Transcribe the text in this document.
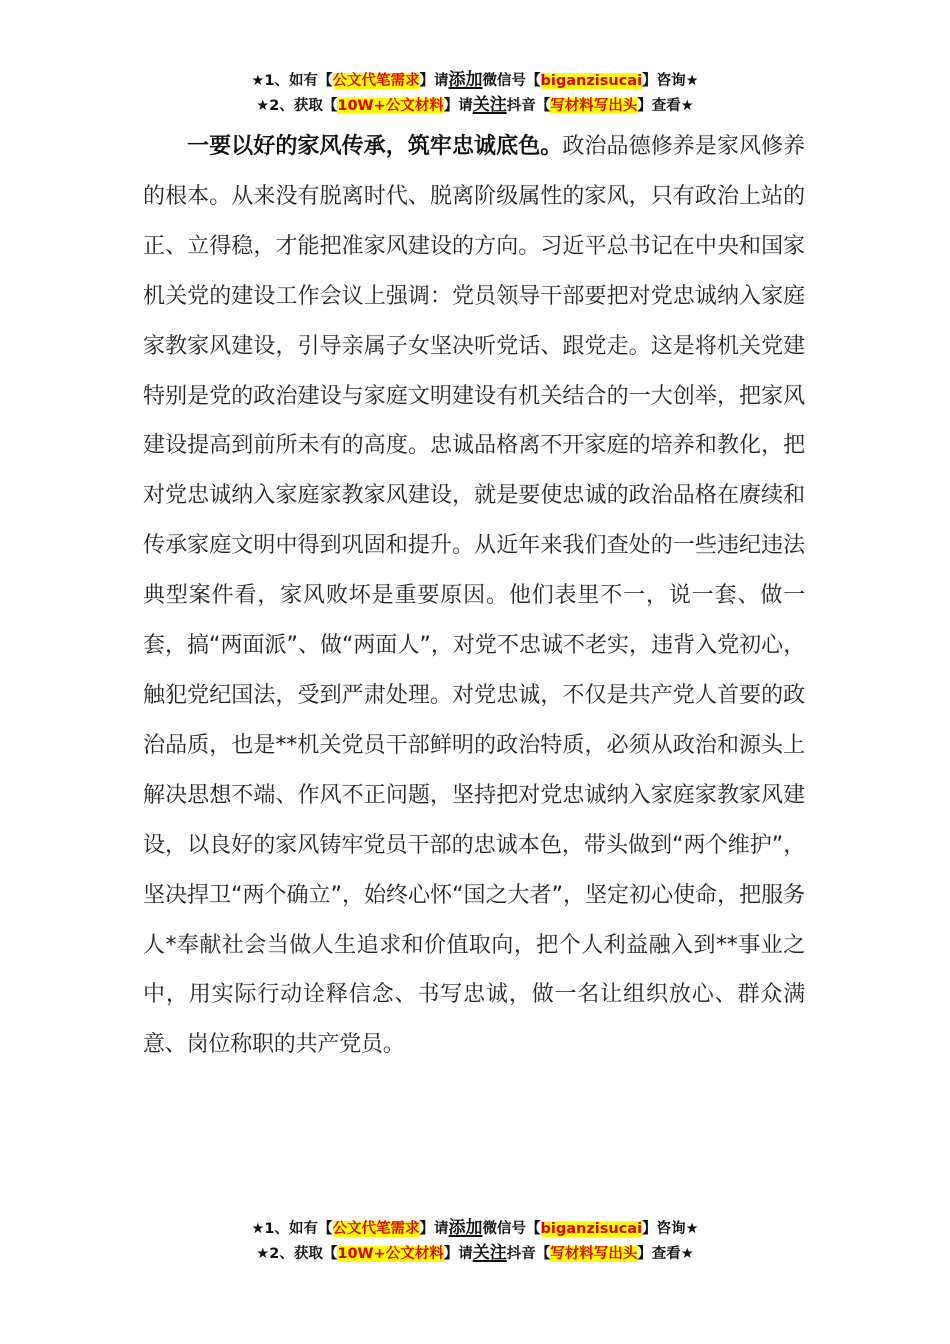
★1、如有【公文代笔需求】请添加微信号【biganzisucai】咨询★
★2、获取【10W+公文材料】请关注抖音【写材料写出头】查看★

一要以好的家风传承，筑牢忠诚底色。政治品德修养是家风修养的根本。从来没有脱离时代、脱离阶级属性的家风，只有政治上站的正、立得稳，才能把准家风建设的方向。习近平总书记在中央和国家机关党的建设工作会议上强调：党员领导干部要把对党忠诚纳入家庭家教家风建设，引导亲属子女坚决听党话、跟党走。这是将机关党建特别是党的政治建设与家庭文明建设有机关结合的一大创举，把家风建设提高到前所未有的高度。忠诚品格离不开家庭的培养和教化，把对党忠诚纳入家庭家教家风建设，就是要使忠诚的政治品格在赓续和传承家庭文明中得到巩固和提升。从近年来我们查处的一些违纪违法典型案件看，家风败坏是重要原因。他们表里不一，说一套、做一套，搞“两面派”、做“两面人”，对党不忠诚不老实，违背入党初心，触犯党纪国法，受到严肃处理。对党忠诚，不仅是共产党人首要的政治品质，也是**机关党员干部鲜明的政治特质，必须从政治和源头上解决思想不端、作风不正问题，坚持把对党忠诚纳入家庭家教家风建设，以良好的家风铸牢党员干部的忠诚本色，带头做到“两个维护”，坚决捍卫“两个确立”，始终心怀“国之大者”，坚定初心使命，把服务人*奉献社会当做人生追求和价值取向，把个人利益融入到**事业之中，用实际行动诠释信念、书写忠诚，做一名让组织放心、群众满意、岗位称职的共产党员。

★1、如有【公文代笔需求】请添加微信号【biganzisucai】咨询★
★2、获取【10W+公文材料】请关注抖音【写材料写出头】查看★
